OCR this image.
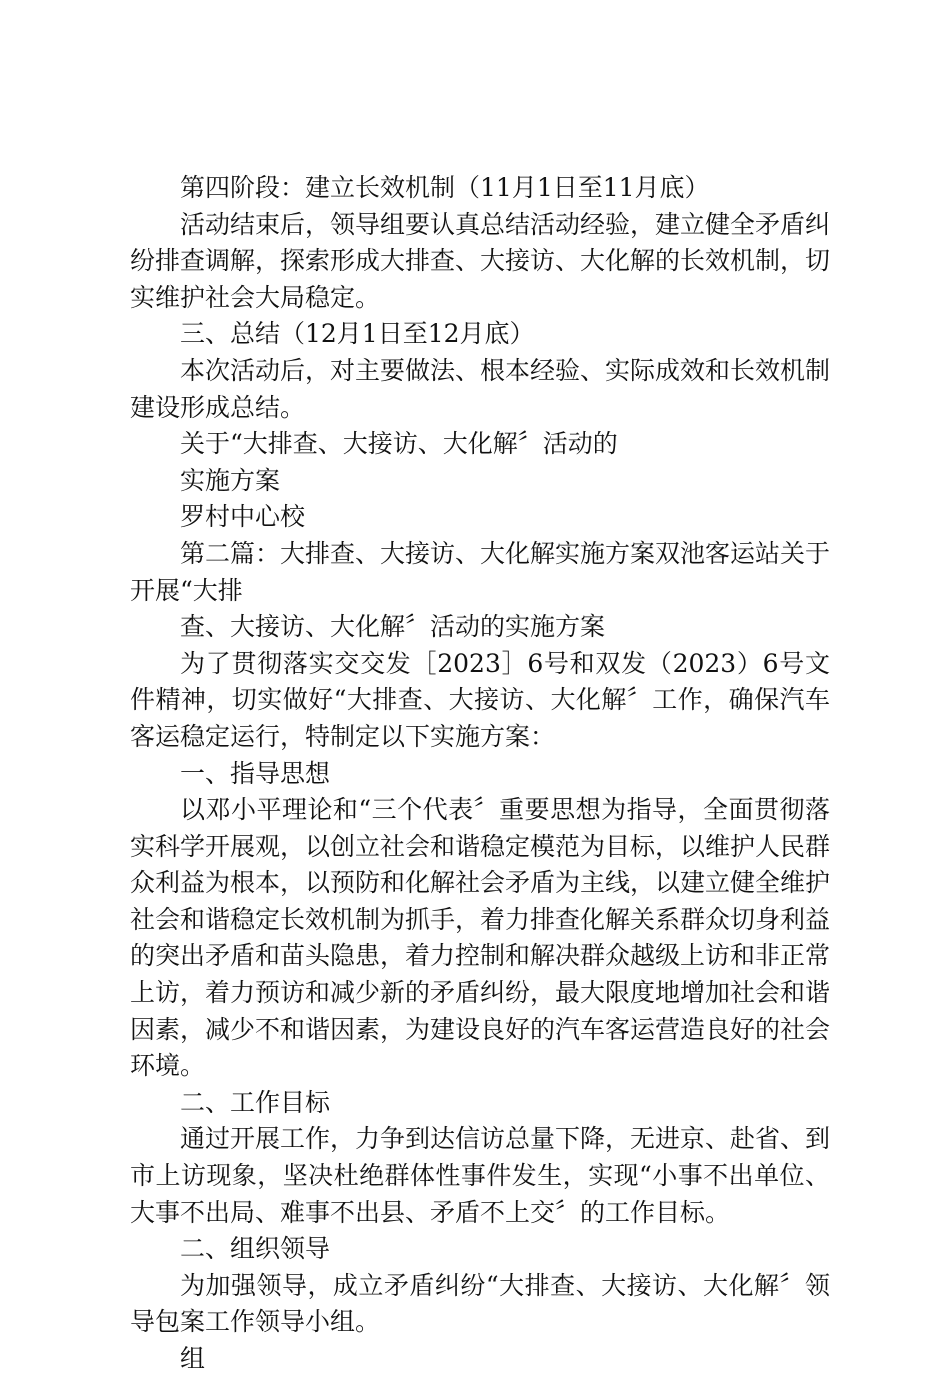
第四阶段：建立长效机制（11月1日至11月底）

活动结束后，领导组要认真总结活动经验，建立健全矛盾纠纷排查调解，探索形成大排查、大接访、大化解的长效机制，切实维护社会大局稳定。

三、总结（12月1日至12月底）

本次活动后，对主要做法、根本经验、实际成效和长效机制建设形成总结。

关于“大排查、大接访、大化解〞活动的

实施方案

罗村中心校

第二篇：大排查、大接访、大化解实施方案双池客运站关于开展“大排

查、大接访、大化解〞活动的实施方案

为了贯彻落实交交发［2023］6号和双发（2023）6号文件精神，切实做好“大排查、大接访、大化解〞工作，确保汽车客运稳定运行，特制定以下实施方案：

一、指导思想

以邓小平理论和“三个代表〞重要思想为指导，全面贯彻落实科学开展观，以创立社会和谐稳定模范为目标，以维护人民群众利益为根本，以预防和化解社会矛盾为主线，以建立健全维护社会和谐稳定长效机制为抓手，着力排查化解关系群众切身利益的突出矛盾和苗头隐患，着力控制和解决群众越级上访和非正常上访，着力预访和减少新的矛盾纠纷，最大限度地增加社会和谐因素，减少不和谐因素，为建设良好的汽车客运营造良好的社会环境。

二、工作目标

通过开展工作，力争到达信访总量下降，无进京、赴省、到市上访现象，坚决杜绝群体性事件发生，实现“小事不出单位、大事不出局、难事不出县、矛盾不上交〞的工作目标。

二、组织领导

为加强领导，成立矛盾纠纷“大排查、大接访、大化解〞领导包案工作领导小组。

组
